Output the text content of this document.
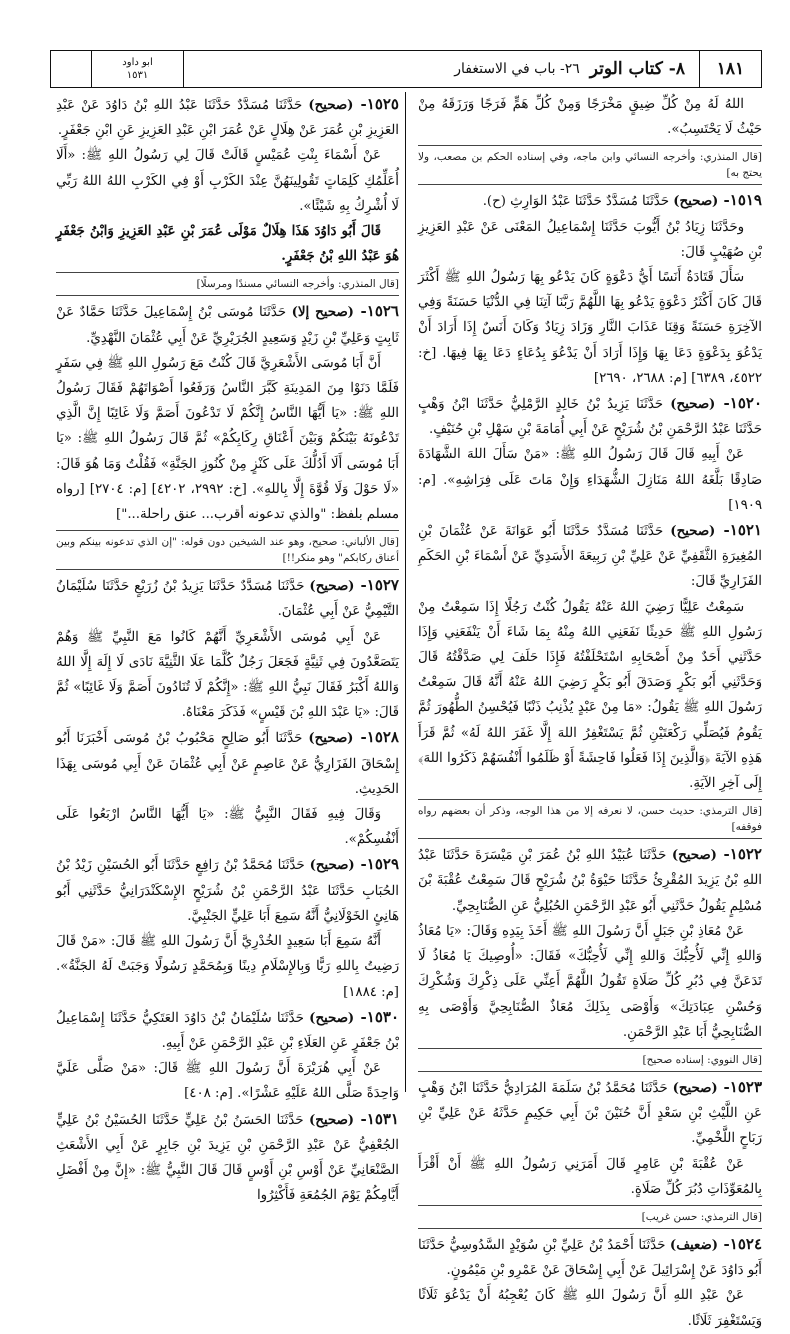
١٨١
٨- كتاب الوتر
٢٦- باب في الاستغفار
ابو داود
١٥٣١

اللهُ لَهُ مِنْ كُلِّ ضِيقٍ مَخْرَجًا وَمِنْ كُلِّ هَمٍّ فَرَجًا وَرَزَقَهُ مِنْ حَيْثُ لَا يَحْتَسِبُ».

[قال المنذري: وأخرجه النسائي وابن ماجه، وفي إسناده الحكم بن مصعب، ولا يحتج به]

١٥١٩- (صحيح) حَدَّثَنَا مُسَدَّدٌ حَدَّثَنَا عَبْدُ الوَارِثِ (ح).

وحَدَّثَنَا زِيَادُ بْنُ أَيُّوبَ حَدَّثَنَا إِسْمَاعِيلُ المَعْنَى عَنْ عَبْدِ العَزِيزِ بْنِ صُهَيْبٍ قَالَ:

سَأَلَ قَتَادَةُ أَنَسًا أَيُّ دَعْوَةٍ كَانَ يَدْعُو بِهَا رَسُولُ اللهِ ﷺ أَكْثَرَ قَالَ كَانَ أَكْثَرُ دَعْوَةٍ يَدْعُو بِهَا اللَّهُمَّ رَبَّنَا آتِنَا فِي الدُّنْيَا حَسَنَةً وَفِي الآخِرَةِ حَسَنَةً وَقِنَا عَذَابَ النَّارِ وَزَادَ زِيَادٌ وَكَانَ أَنَسٌ إِذَا أَرَادَ أَنْ يَدْعُوَ بِدَعْوَةٍ دَعَا بِهَا وَإِذَا أَرَادَ أَنْ يَدْعُوَ بِدُعَاءٍ دَعَا بِهَا فِيهَا. [خ: ٤٥٢٢، ٦٣٨٩] [م: ٢٦٨٨، ٢٦٩٠]

١٥٢٠- (صحيح) حَدَّثَنَا يَزِيدُ بْنُ خَالِدٍ الرَّمْلِيُّ حَدَّثَنَا ابْنُ وَهْبٍ حَدَّثَنَا عَبْدُ الرَّحْمَنِ بْنُ شُرَيْحٍ عَنْ أَبِي أُمَامَةَ بْنِ سَهْلِ بْنِ حُنَيْفٍ.

عَنْ أَبِيهِ قَالَ قَالَ رَسُولُ اللهِ ﷺ: «مَنْ سَأَلَ اللهَ الشَّهَادَةَ صَادِقًا بَلَّغَهُ اللهُ مَنَازِلَ الشُّهَدَاءِ وَإِنْ مَاتَ عَلَى فِرَاشِهِ». [م: ١٩٠٩]

١٥٢١- (صحيح) حَدَّثَنَا مُسَدَّدٌ حَدَّثَنَا أَبُو عَوَانَةَ عَنْ عُثْمَانَ بْنِ المُغِيرَةِ الثَّقَفِيِّ عَنْ عَلِيِّ بْنِ رَبِيعَةَ الأَسَدِيِّ عَنْ أَسْمَاءَ بْنِ الحَكَمِ الفَزَارِيِّ قَالَ:

سَمِعْتُ عَلِيًّا رَضِيَ اللهُ عَنْهُ يَقُولُ كُنْتُ رَجُلًا إِذَا سَمِعْتُ مِنْ رَسُولِ اللهِ ﷺ حَدِيثًا نَفَعَنِي اللهُ مِنْهُ بِمَا شَاءَ أَنْ يَنْفَعَنِي وَإِذَا حَدَّثَنِي أَحَدٌ مِنْ أَصْحَابِهِ اسْتَحْلَفْتُهُ فَإِذَا حَلَفَ لِي صَدَّقْتُهُ قَالَ وَحَدَّثَنِي أَبُو بَكْرٍ وَصَدَقَ أَبُو بَكْرٍ رَضِيَ اللهُ عَنْهُ أَنَّهُ قَالَ سَمِعْتُ رَسُولَ اللهِ ﷺ يَقُولُ: «مَا مِنْ عَبْدٍ يُذْنِبُ ذَنْبًا فَيُحْسِنُ الطُّهُورَ ثُمَّ يَقُومُ فَيُصَلِّي رَكْعَتَيْنِ ثُمَّ يَسْتَغْفِرُ اللهَ إِلَّا غَفَرَ اللهُ لَهُ» ثُمَّ قَرَأَ هَذِهِ الآيَةَ ﴿وَالَّذِينَ إِذَا فَعَلُوا فَاحِشَةً أَوْ ظَلَمُوا أَنْفُسَهُمْ ذَكَرُوا اللهَ﴾ إِلَى آخِرِ الآيَةِ.

[قال الترمذي: حديث حسن، لا نعرفه إلا من هذا الوجه، وذكر أن بعضهم رواه فوقفه]

١٥٢٢- (صحيح) حَدَّثَنَا عُبَيْدُ اللهِ بْنُ عُمَرَ بْنِ مَيْسَرَةَ حَدَّثَنَا عَبْدُ اللهِ بْنُ يَزِيدَ المُقْرِئُ حَدَّثَنَا حَيْوَةُ بْنُ شُرَيْحٍ قَالَ سَمِعْتُ عُقْبَةَ بْنَ مُسْلِمٍ يَقُولُ حَدَّثَنِي أَبُو عَبْدِ الرَّحْمَنِ الحُبُلِيُّ عَنِ الصُّنَابِحِيِّ.

عَنْ مُعَاذِ بْنِ جَبَلٍ أَنَّ رَسُولَ اللهِ ﷺ أَخَذَ بِيَدِهِ وَقَالَ: «يَا مُعَاذُ وَاللهِ إِنِّي لَأُحِبُّكَ وَاللهِ إِنِّي لَأُحِبُّكَ» فَقَالَ: «أُوصِيكَ يَا مُعَاذُ لَا تَدَعَنَّ فِي دُبُرِ كُلِّ صَلَاةٍ تَقُولُ اللَّهُمَّ أَعِنِّي عَلَى ذِكْرِكَ وَشُكْرِكَ وَحُسْنِ عِبَادَتِكَ» وَأَوْصَى بِذَلِكَ مُعَاذٌ الصُّنَابِحِيَّ وَأَوْصَى بِهِ الصُّنَابِحِيُّ أَبَا عَبْدِ الرَّحْمَنِ.

[قال النووي: إسناده صحيح]

١٥٢٣- (صحيح) حَدَّثَنَا مُحَمَّدُ بْنُ سَلَمَةَ المُرَادِيُّ حَدَّثَنَا ابْنُ وَهْبٍ عَنِ اللَّيْثِ بْنِ سَعْدٍ أَنَّ حُنَيْنَ بْنَ أَبِي حَكِيمٍ حَدَّثَهُ عَنْ عَلِيِّ بْنِ رَبَاحٍ اللَّخْمِيِّ.

عَنْ عُقْبَةَ بْنِ عَامِرٍ قَالَ أَمَرَنِي رَسُولُ اللهِ ﷺ أَنْ أَقْرَأَ بِالمُعَوِّذَاتِ دُبُرَ كُلِّ صَلَاةٍ.

[قال الترمذي: حسن غريب]

١٥٢٤- (ضعيف) حَدَّثَنَا أَحْمَدُ بْنُ عَلِيِّ بْنِ سُوَيْدٍ السَّدُوسِيُّ حَدَّثَنَا أَبُو دَاوُدَ عَنْ إِسْرَائِيلَ عَنْ أَبِي إِسْحَاقَ عَنْ عَمْرِو بْنِ مَيْمُونٍ.

عَنْ عَبْدِ اللهِ أَنَّ رَسُولَ اللهِ ﷺ كَانَ يُعْجِبُهُ أَنْ يَدْعُوَ ثَلَاثًا وَيَسْتَغْفِرَ ثَلَاثًا.

١٥٢٥- (صحيح) حَدَّثَنَا مُسَدَّدٌ حَدَّثَنَا عَبْدُ اللهِ بْنُ دَاوُدَ عَنْ عَبْدِ العَزِيزِ بْنِ عُمَرَ عَنْ هِلَالٍ عَنْ عُمَرَ ابْنِ عَبْدِ العَزِيزِ عَنِ ابْنِ جَعْفَرٍ.

عَنْ أَسْمَاءَ بِنْتِ عُمَيْسٍ قَالَتْ قَالَ لِي رَسُولُ اللهِ ﷺ: «أَلَا أُعَلِّمُكِ كَلِمَاتٍ تَقُولِينَهُنَّ عِنْدَ الكَرْبِ أَوْ فِي الكَرْبِ اللهُ اللهُ رَبِّي لَا أُشْرِكُ بِهِ شَيْئًا».

قَالَ أَبُو دَاوُدَ هَذَا هِلَالٌ مَوْلَى عُمَرَ بْنِ عَبْدِ العَزِيزِ وَابْنُ جَعْفَرٍ هُوَ عَبْدُ اللهِ بْنُ جَعْفَرٍ.

[قال المنذري: وأخرجه النسائي مسندًا ومرسلًا]

١٥٢٦- (صحيح إلا) حَدَّثَنَا مُوسَى بْنُ إِسْمَاعِيلَ حَدَّثَنَا حَمَّادٌ عَنْ ثَابِتٍ وَعَلِيِّ بْنِ زَيْدٍ وَسَعِيدٍ الجُرَيْرِيِّ عَنْ أَبِي عُثْمَانَ النَّهْدِيِّ.

أَنَّ أَبَا مُوسَى الأَشْعَرِيَّ قَالَ كُنْتُ مَعَ رَسُولِ اللهِ ﷺ فِي سَفَرٍ فَلَمَّا دَنَوْا مِنَ المَدِينَةِ كَبَّرَ النَّاسُ وَرَفَعُوا أَصْوَاتَهُمْ فَقَالَ رَسُولُ اللهِ ﷺ: «يَا أَيُّهَا النَّاسُ إِنَّكُمْ لَا تَدْعُونَ أَصَمَّ وَلَا غَائِبًا إِنَّ الَّذِي تَدْعُونَهُ بَيْنَكُمْ وَبَيْنَ أَعْنَاقِ رِكَابِكُمْ» ثُمَّ قَالَ رَسُولُ اللهِ ﷺ: «يَا أَبَا مُوسَى أَلَا أَدُلُّكَ عَلَى كَنْزٍ مِنْ كُنُوزِ الجَنَّةِ» فَقُلْتُ وَمَا هُوَ قَالَ: «لَا حَوْلَ وَلَا قُوَّةَ إِلَّا بِاللهِ». [خ: ٢٩٩٢، ٤٢٠٢] [م: ٢٧٠٤] [رواه مسلم بلفظ: "والذي تدعونه أقرب... عنق راحلة..."]

[قال الألباني: صحيح، وهو عند الشيخين دون قوله: "إن الذي تدعونه بينكم وبين أعناق ركابكم" وهو منكر!!]

١٥٢٧- (صحيح) حَدَّثَنَا مُسَدَّدٌ حَدَّثَنَا يَزِيدُ بْنُ زُرَيْعٍ حَدَّثَنَا سُلَيْمَانُ التَّيْمِيُّ عَنْ أَبِي عُثْمَانَ.

عَنْ أَبِي مُوسَى الأَشْعَرِيِّ أَنَّهُمْ كَانُوا مَعَ النَّبِيِّ ﷺ وَهُمْ يَتَصَعَّدُونَ فِي ثَنِيَّةٍ فَجَعَلَ رَجُلٌ كُلَّمَا عَلَا الثَّنِيَّةَ نَادَى لَا إِلَهَ إِلَّا اللهُ وَاللهُ أَكْبَرُ فَقَالَ نَبِيُّ اللهِ ﷺ: «إِنَّكُمْ لَا تُنَادُونَ أَصَمَّ وَلَا غَائِبًا» ثُمَّ قَالَ: «يَا عَبْدَ اللهِ بْنَ قَيْسٍ» فَذَكَرَ مَعْنَاهُ.

١٥٢٨- (صحيح) حَدَّثَنَا أَبُو صَالِحٍ مَحْبُوبُ بْنُ مُوسَى أَخْبَرَنَا أَبُو إِسْحَاقَ الفَزَارِيُّ عَنْ عَاصِمٍ عَنْ أَبِي عُثْمَانَ عَنْ أَبِي مُوسَى بِهَذَا الحَدِيثِ.

وَقَالَ فِيهِ فَقَالَ النَّبِيُّ ﷺ: «يَا أَيُّهَا النَّاسُ ارْبَعُوا عَلَى أَنْفُسِكُمْ».

١٥٢٩- (صحيح) حَدَّثَنَا مُحَمَّدُ بْنُ رَافِعٍ حَدَّثَنَا أَبُو الحُسَيْنِ زَيْدُ بْنُ الحُبَابِ حَدَّثَنَا عَبْدُ الرَّحْمَنِ بْنُ شُرَيْحٍ الإِسْكَنْدَرَانِيُّ حَدَّثَنِي أَبُو هَانِئٍ الخَوْلَانِيُّ أَنَّهُ سَمِعَ أَبَا عَلِيٍّ الجَنْبِيَّ.

أَنَّهُ سَمِعَ أَبَا سَعِيدٍ الخُدْرِيَّ أَنَّ رَسُولَ اللهِ ﷺ قَالَ: «مَنْ قَالَ رَضِيتُ بِاللهِ رَبًّا وَبِالإِسْلَامِ دِينًا وَبِمُحَمَّدٍ رَسُولًا وَجَبَتْ لَهُ الجَنَّةُ». [م: ١٨٨٤]

١٥٣٠- (صحيح) حَدَّثَنَا سُلَيْمَانُ بْنُ دَاوُدَ العَتَكِيُّ حَدَّثَنَا إِسْمَاعِيلُ بْنُ جَعْفَرٍ عَنِ العَلَاءِ بْنِ عَبْدِ الرَّحْمَنِ عَنْ أَبِيهِ.

عَنْ أَبِي هُرَيْرَةَ أَنَّ رَسُولَ اللهِ ﷺ قَالَ: «مَنْ صَلَّى عَلَيَّ وَاحِدَةً صَلَّى اللهُ عَلَيْهِ عَشْرًا». [م: ٤٠٨]

١٥٣١- (صحيح) حَدَّثَنَا الحَسَنُ بْنُ عَلِيٍّ حَدَّثَنَا الحُسَيْنُ بْنُ عَلِيٍّ الجُعْفِيُّ عَنْ عَبْدِ الرَّحْمَنِ بْنِ يَزِيدَ بْنِ جَابِرٍ عَنْ أَبِي الأَشْعَثِ الصَّنْعَانِيِّ عَنْ أَوْسِ بْنِ أَوْسٍ قَالَ قَالَ النَّبِيُّ ﷺ: «إِنَّ مِنْ أَفْضَلِ أَيَّامِكُمْ يَوْمَ الجُمُعَةِ فَأَكْثِرُوا
